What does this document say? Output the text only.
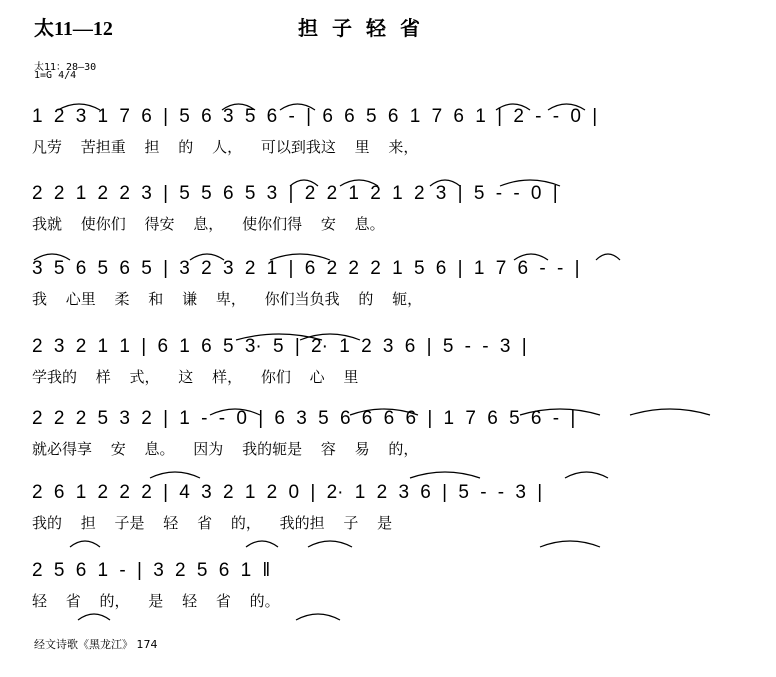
太11—12	担子轻省
太11：28—30
1=G 4/4
1 2 3 1 7 6 | 5 6 3 5 6 - | 6 6 5 6 1 7 6 1 | 2 - - 0 |
凡劳 苦担重 担 的 人， 可以到我这 里 来，
2 2 1 2 2 3 | 5 5 6 5 3 | 2 2 1 2 1 2 3 | 5 - - 0 |
我就 使你们 得安 息， 使你们得 安 息。
3 5 6 5 6 5 | 3 2 3 2 1 | 6 2 2 2 1 5 6 | 1 7 6 - - |
我 心里 柔 和 谦 卑， 你们当负我 的 轭，
2 3 2 1 1 | 6 1 6 5 3· 5 | 2· 1 2 3 6 | 5 - - 3 |
学我的 样 式， 这 样， 你们 心 里
2 2 2 5 3 2 | 1 - - 0 | 6 3 5 6 6 6 6 | 1 7 6 5 6 - |
就必得享 安 息。 因为 我的轭是 容 易 的，
2 6 1 2 2 2 | 4 3 2 1 2 0 | 2· 1 2 3 6 | 5 - - 3 |
我的 担 子是 轻 省 的， 我的担 子 是
2 5 6 1 - | 3 2 5 6 1 ‖
轻 省 的， 是 轻 省 的。
经文诗歌《黑龙江》 174
